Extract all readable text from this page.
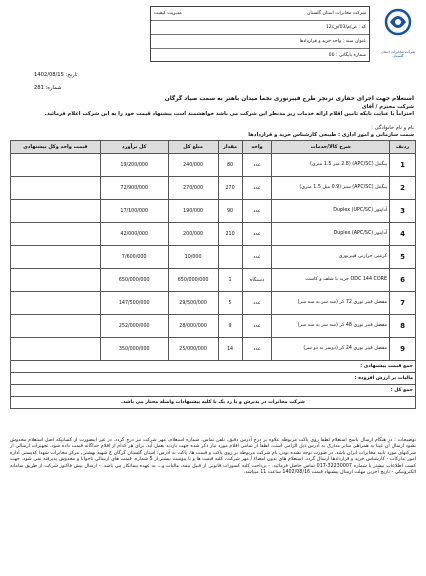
شرکت مخابرات استان گلستان
شرکت مخابرات استان گلستان
مدیریت کیفیت
کد : ص/م/03/ف/12
عنوان سند : واحد خرید و قراردادها
شماره بایگانی : 00
تاریخ: 1402/08/15
شماره: 281
استعلام جهت اجرای حفاری ترنچر طرح فیبرنوری نجما میدان باهنر به سمت صیاد گرگان
شرکت محترم / آقای
احتراماً با عنایت بایکه تامین اقلام ارائه خدمات زیر مدنظر این شرکت می باشد خواهشمند است پیشنهاد قیمت خود را به این شرکت اعلام فرمائید.
نام و نام خانوادگی :
سمت سازمانی و امور اداری : طیبعی کارشناس خرید و قراردادها
ردیف	شرح کالا/خدمات	واحد	مقدار	مبلغ کل	کل برآورد	قیمت واحد وکل پیشنهادی
1	پیگتیل (APC/SC) (2.8 متر 1.5 متری)	عدد	80	240/000	19/200/000	
2	پیگتیل (APC/SC) سبز (0.9 میل 1.5 متری)	عدد	270	270/000	72/900/000	
3	آداپتور (Duplex (UPC/SC	عدد	90	190/000	17/100/000	
4	آداپتور (Duplex (APC/SC	عدد	210	200/000	42/000/000	
5	کرمپی حرارتی فیبرنوری	عدد		10/000	7/600/000	
6	ODC 144 CORE خرید با شلف و کاست	دستگاه	1	650/000/000	650/000/000	
7	مفصل فیبر نوری 72 کر (سه سر به سه سر)	عدد	5	29/500/000	147/500/000	
8	مفصل فیبر نوری 48 کر (سه سر به سه سر)	عدد	9	28/000/000	252/000/000	
9	مفصل فیبر نوری 24 کر (دوسر به دو سر)	عدد	14	25/000/000	350/000/000	
جمع قیمت پیشنهادی :						
مالیات بر ارزش افزوده :						
جمع کل :						
شرکت مخابرات در پذیرش و یا رد یک یا کلیه پیشنهادات واصله مختار می باشد.						
توضیحات : در هنگام ارسال پاسخ استعلام لطفا روی پاکت مربوطه علاوه بر درج آدرس دقیق، تلفن تماس، شماره استعلام، مهر شرکت نیز درج گردد. در غیر اینصورت از کسانیکه اصل استعلام مخدوش نشود ارسال آن عینا به همراهی سایر مدارک به آدرس ذیل الزامی است. لطفاً از تمامی اقلام مورد نیاز ذکر شده جهت بازدید بعمل آید. برای هر کدام از اقلام جداگانه قیمت داده شود. تجهیزات ارسالی از شرکتهای مورد تایید مخابرات ایران باشد. در صورت توجه نشده بودن نام شرکت مربوطه بر روی پاکت و قیمت ها، پاکت به آدرس: استان گلستان گرگان خ شهید بهشتی، مرکز مخابرات شهدا کدپستی اداره امور تدارکات - کارشناس خرید و قراردادها ارسال گردد. استعلام های بدون امضاء / مهر شرکت، کلیه قیمت ها و با پیوست بیشتر از 5 شماره، قیمت های ارسالی ناخوانا و مخدوش پذیرفته نمی شود. جهت کسب اطلاعات بیشتر با شماره 32230007-017 تماس حاصل فرمائید. - پرداخت کلیه کسورات قانونی از قبیل بیمه، مالیات و... به عهده پیمانکار می باشد. - ارسال پیش فاکتور شرکت از طریق سامانه الکترونیکی - تاریخ آخرین مهلت ارسال پیشنهاد قیمت 1402/08/16 ساعت 11 میباشد.
